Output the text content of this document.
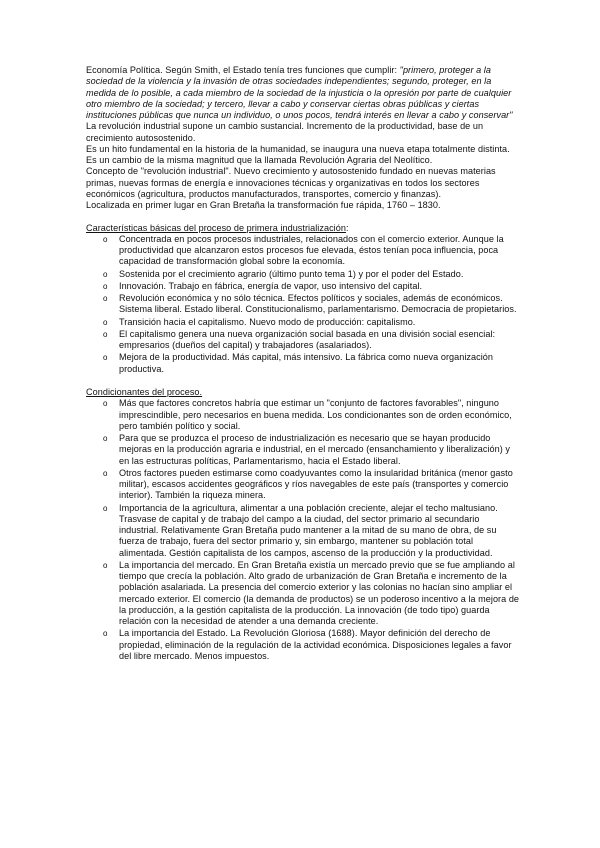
Economía Política. Según Smith, el Estado tenía tres funciones que cumplir: "primero, proteger a la sociedad de la violencia y la invasión de otras sociedades independientes; segundo, proteger, en la medida de lo posible, a cada miembro de la sociedad de la injusticia o la opresión por parte de cualquier otro miembro de la sociedad; y tercero, llevar a cabo y conservar ciertas obras públicas y ciertas instituciones públicas que nunca un individuo, o unos pocos, tendrá interés en llevar a cabo y conservar"

La revolución industrial supone un cambio sustancial. Incremento de la productividad, base de un crecimiento autosostenido.

Es un hito fundamental en la historia de la humanidad, se inaugura una nueva etapa totalmente distinta. Es un cambio de la misma magnitud que la llamada Revolución Agraria del Neolítico.

Concepto de "revolución industrial". Nuevo crecimiento y autosostenido fundado en nuevas materias primas, nuevas formas de energía e innovaciones técnicas y organizativas en todos los sectores económicos (agricultura, productos manufacturados, transportes, comercio y finanzas).

Localizada en primer lugar en Gran Bretaña la transformación fue rápida, 1760 – 1830.

Características básicas del proceso de primera industrialización:

o Concentrada en pocos procesos industriales, relacionados con el comercio exterior. Aunque la productividad que alcanzaron estos procesos fue elevada, éstos tenían poca influencia, poca capacidad de transformación global sobre la economía.
o Sostenida por el crecimiento agrario (último punto tema 1) y por el poder del Estado.
o Innovación. Trabajo en fábrica, energía de vapor, uso intensivo del capital.
o Revolución económica y no sólo técnica. Efectos políticos y sociales, además de económicos. Sistema liberal. Estado liberal. Constitucionalismo, parlamentarismo. Democracia de propietarios.
o Transición hacia el capitalismo. Nuevo modo de producción: capitalismo.
o El capitalismo genera una nueva organización social basada en una división social esencial: empresarios (dueños del capital) y trabajadores (asalariados).
o Mejora de la productividad. Más capital, más intensivo. La fábrica como nueva organización productiva.

Condicionantes del proceso.

o Más que factores concretos habría que estimar un "conjunto de factores favorables", ninguno imprescindible, pero necesarios en buena medida. Los condicionantes son de orden económico, pero también político y social.
o Para que se produzca el proceso de industrialización es necesario que se hayan producido mejoras en la producción agraria e industrial, en el mercado (ensanchamiento y liberalización) y en las estructuras políticas, Parlamentarismo, hacia el Estado liberal.
o Otros factores pueden estimarse como coadyuvantes como la insularidad británica (menor gasto militar), escasos accidentes geográficos y ríos navegables de este país (transportes y comercio interior). También la riqueza minera.
o Importancia de la agricultura, alimentar a una población creciente, alejar el techo maltusiano. Trasvase de capital y de trabajo del campo a la ciudad, del sector primario al secundario industrial. Relativamente Gran Bretaña pudo mantener a la mitad de su mano de obra, de su fuerza de trabajo, fuera del sector primario y, sin embargo, mantener su población total alimentada. Gestión capitalista de los campos, ascenso de la producción y la productividad.
o La importancia del mercado. En Gran Bretaña existía un mercado previo que se fue ampliando al tiempo que crecía la población. Alto grado de urbanización de Gran Bretaña e incremento de la población asalariada. La presencia del comercio exterior y las colonias no hacían sino ampliar el mercado exterior. El comercio (la demanda de productos) se un poderoso incentivo a la mejora de la producción, a la gestión capitalista de la producción. La innovación (de todo tipo) guarda relación con la necesidad de atender a una demanda creciente.
o La importancia del Estado. La Revolución Gloriosa (1688). Mayor definición del derecho de propiedad, eliminación de la regulación de la actividad económica. Disposiciones legales a favor del libre mercado. Menos impuestos.
